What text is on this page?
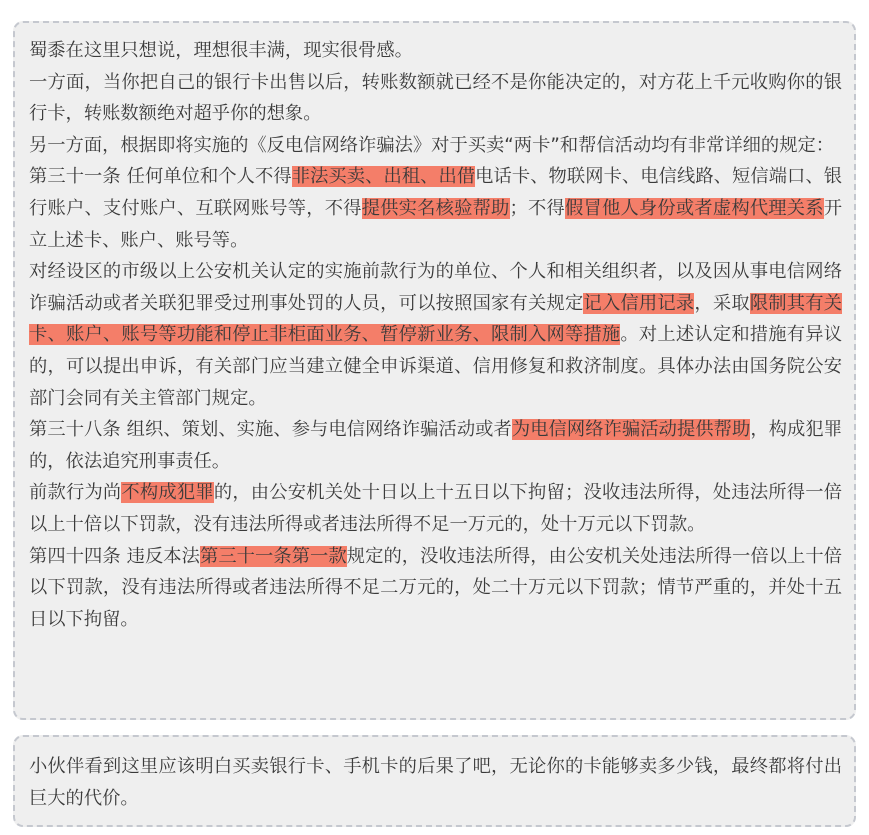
蜀黍在这里只想说，理想很丰满，现实很骨感。

一方面，当你把自己的银行卡出售以后，转账数额就已经不是你能决定的，对方花上千元收购你的银行卡，转账数额绝对超乎你的想象。

另一方面，根据即将实施的《反电信网络诈骗法》对于买卖“两卡”和帮信活动均有非常详细的规定：

第三十一条 任何单位和个人不得非法买卖、出租、出借电话卡、物联网卡、电信线路、短信端口、银行账户、支付账户、互联网账号等，不得提供实名核验帮助；不得假冒他人身份或者虚构代理关系开立上述卡、账户、账号等。

对经设区的市级以上公安机关认定的实施前款行为的单位、个人和相关组织者，以及因从事电信网络诈骗活动或者关联犯罪受过刑事处罚的人员，可以按照国家有关规定记入信用记录，采取限制其有关卡、账户、账号等功能和停止非柜面业务、暂停新业务、限制入网等措施。对上述认定和措施有异议的，可以提出申诉，有关部门应当建立健全申诉渠道、信用修复和救济制度。具体办法由国务院公安部门会同有关主管部门规定。

第三十八条 组织、策划、实施、参与电信网络诈骗活动或者为电信网络诈骗活动提供帮助，构成犯罪的，依法追究刑事责任。

前款行为尚不构成犯罪的，由公安机关处十日以上十五日以下拘留；没收违法所得，处违法所得一倍以上十倍以下罚款，没有违法所得或者违法所得不足一万元的，处十万元以下罚款。

第四十四条 违反本法第三十一条第一款规定的，没收违法所得，由公安机关处违法所得一倍以上十倍以下罚款，没有违法所得或者违法所得不足二万元的，处二十万元以下罚款；情节严重的，并处十五日以下拘留。

小伙伴看到这里应该明白买卖银行卡、手机卡的后果了吧，无论你的卡能够卖多少钱，最终都将付出巨大的代价。
